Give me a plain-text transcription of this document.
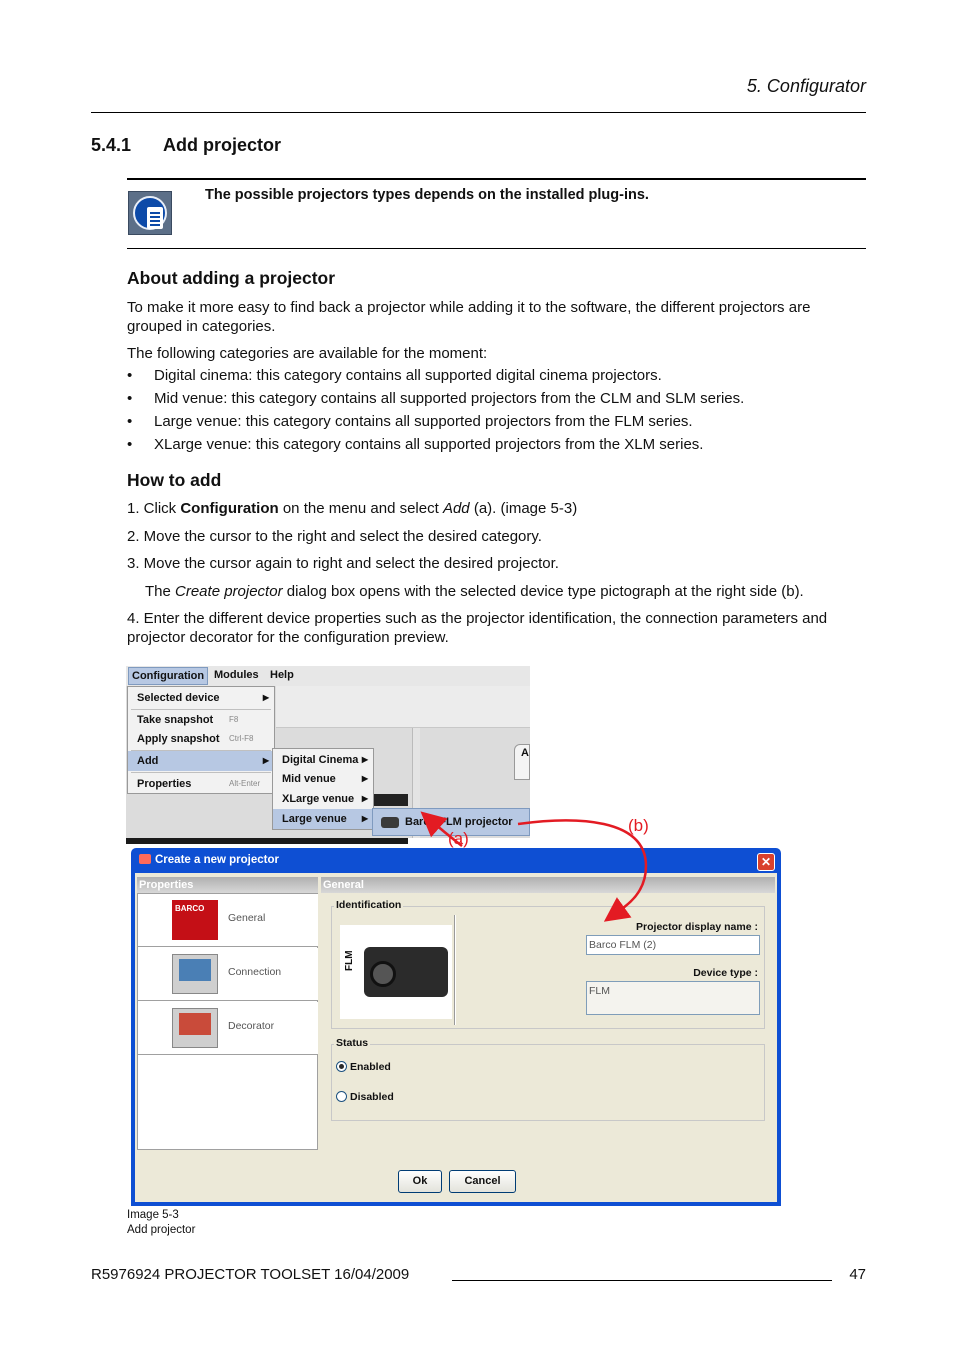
5. Configurator
5.4.1 Add projector
The possible projectors types depends on the installed plug-ins.
About adding a projector
To make it more easy to find back a projector while adding it to the software, the different projectors are grouped in categories.
The following categories are available for the moment:
• Digital cinema: this category contains all supported digital cinema projectors.
• Mid venue: this category contains all supported projectors from the CLM and SLM series.
• Large venue: this category contains all supported projectors from the FLM series.
• XLarge venue: this category contains all supported projectors from the XLM series.
How to add
1. Click Configuration on the menu and select Add (a). (image 5-3)
2. Move the cursor to the right and select the desired category.
3. Move the cursor again to right and select the desired projector.
The Create projector dialog box opens with the selected device type pictograph at the right side (b).
4. Enter the different device properties such as the projector identification, the connection parameters and projector decorator for the configuration preview.
A
Configuration Modules Help
Selected device	▶
Take snapshot F8
Apply snapshot Ctrl-F8
Add	▶
Properties	Alt-Enter
Digital Cinema ▶
Mid venue	▶
XLarge venue ▶
Large venue ▶	Barco FLM projector
Create a new projector	✕
Properties	General
BARCO
General
Connection
Decorator
Identification
FLM
Projector display name :
Barco FLM (2)
Device type :
FLM
Status
Enabled
Disabled
Ok	Cancel
(a)
(b)
Image 5-3
Add projector
R5976924 PROJECTOR TOOLSET 16/04/2009	47
